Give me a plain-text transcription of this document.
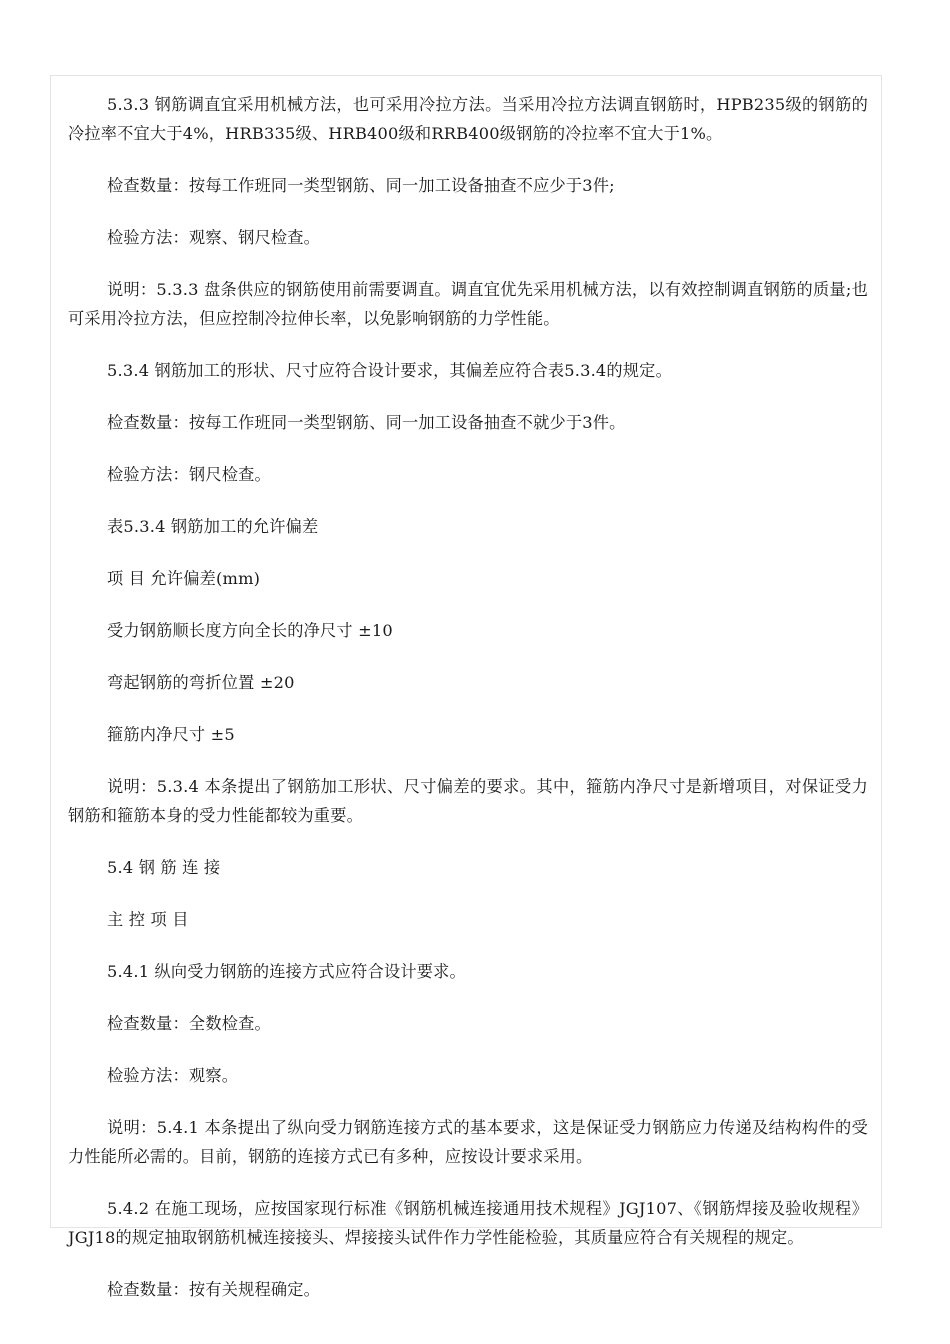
5.3.3 钢筋调直宜采用机械方法，也可采用冷拉方法。当采用冷拉方法调直钢筋时，HPB235级的钢筋的冷拉率不宜大于4%，HRB335级、HRB400级和RRB400级钢筋的冷拉率不宜大于1%。

检查数量：按每工作班同一类型钢筋、同一加工设备抽查不应少于3件;

检验方法：观察、钢尺检查。

说明：5.3.3 盘条供应的钢筋使用前需要调直。调直宜优先采用机械方法，以有效控制调直钢筋的质量;也可采用冷拉方法，但应控制冷拉伸长率，以免影响钢筋的力学性能。

5.3.4 钢筋加工的形状、尺寸应符合设计要求，其偏差应符合表5.3.4的规定。

检查数量：按每工作班同一类型钢筋、同一加工设备抽查不就少于3件。

检验方法：钢尺检查。

表5.3.4 钢筋加工的允许偏差

项 目 允许偏差(mm)

受力钢筋顺长度方向全长的净尺寸 ±10

弯起钢筋的弯折位置 ±20

箍筋内净尺寸 ±5

说明：5.3.4 本条提出了钢筋加工形状、尺寸偏差的要求。其中，箍筋内净尺寸是新增项目，对保证受力钢筋和箍筋本身的受力性能都较为重要。

5.4 钢 筋 连 接

主 控 项 目

5.4.1 纵向受力钢筋的连接方式应符合设计要求。

检查数量：全数检查。

检验方法：观察。

说明：5.4.1 本条提出了纵向受力钢筋连接方式的基本要求，这是保证受力钢筋应力传递及结构构件的受力性能所必需的。目前，钢筋的连接方式已有多种，应按设计要求采用。

5.4.2 在施工现场，应按国家现行标准《钢筋机械连接通用技术规程》JGJ107、《钢筋焊接及验收规程》JGJ18的规定抽取钢筋机械连接接头、焊接接头试件作力学性能检验，其质量应符合有关规程的规定。

检查数量：按有关规程确定。
